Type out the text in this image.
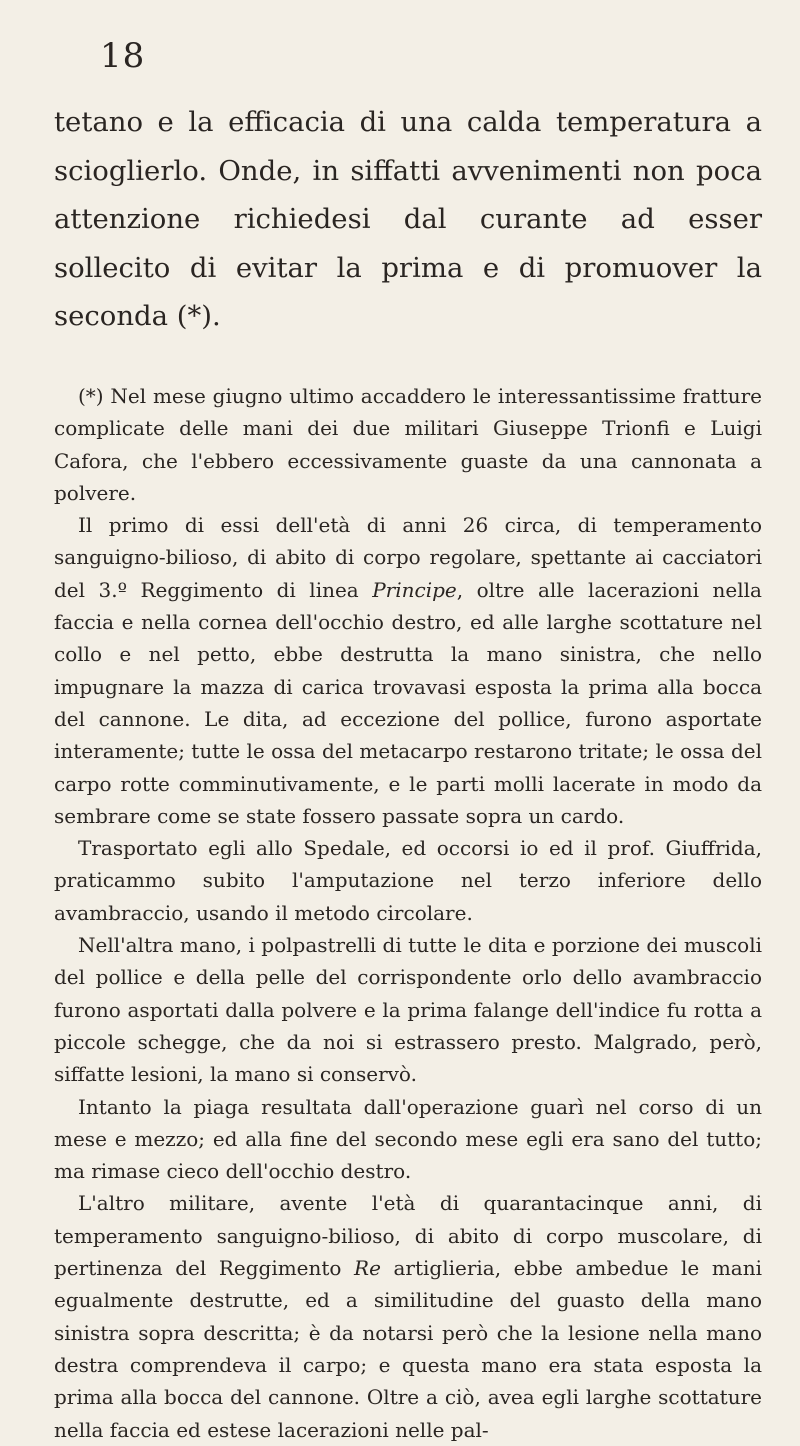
18

tetano e la efficacia di una calda temperatura a scioglierlo. Onde, in siffatti avvenimenti non poca attenzione richiedesi dal curante ad esser sollecito di evitar la prima e di promuover la seconda (*).

(*) Nel mese giugno ultimo accaddero le interessantissime fratture complicate delle mani dei due militari Giuseppe Trionfi e Luigi Cafora, che l'ebbero eccessivamente guaste da una cannonata a polvere.

Il primo di essi dell'età di anni 26 circa, di temperamento sanguigno-bilioso, di abito di corpo regolare, spettante ai cacciatori del 3.º Reggimento di linea Principe, oltre alle lacerazioni nella faccia e nella cornea dell'occhio destro, ed alle larghe scottature nel collo e nel petto, ebbe destrutta la mano sinistra, che nello impugnare la mazza di carica trovavasi esposta la prima alla bocca del cannone. Le dita, ad eccezione del pollice, furono asportate interamente; tutte le ossa del metacarpo restarono tritate; le ossa del carpo rotte comminutivamente, e le parti molli lacerate in modo da sembrare come se state fossero passate sopra un cardo.

Trasportato egli allo Spedale, ed occorsi io ed il prof. Giuffrida, praticammo subito l'amputazione nel terzo inferiore dello avambraccio, usando il metodo circolare.

Nell'altra mano, i polpastrelli di tutte le dita e porzione dei muscoli del pollice e della pelle del corrispondente orlo dello avambraccio furono asportati dalla polvere e la prima falange dell'indice fu rotta a piccole schegge, che da noi si estrassero presto. Malgrado, però, siffatte lesioni, la mano si conservò.

Intanto la piaga resultata dall'operazione guarì nel corso di un mese e mezzo; ed alla fine del secondo mese egli era sano del tutto; ma rimase cieco dell'occhio destro.

L'altro militare, avente l'età di quarantacinque anni, di temperamento sanguigno-bilioso, di abito di corpo muscolare, di pertinenza del Reggimento Re artiglieria, ebbe ambedue le mani egualmente destrutte, ed a similitudine del guasto della mano sinistra sopra descritta; è da notarsi però che la lesione nella mano destra comprendeva il carpo; e questa mano era stata esposta la prima alla bocca del cannone. Oltre a ciò, avea egli larghe scottature nella faccia ed estese lacerazioni nelle pal-
